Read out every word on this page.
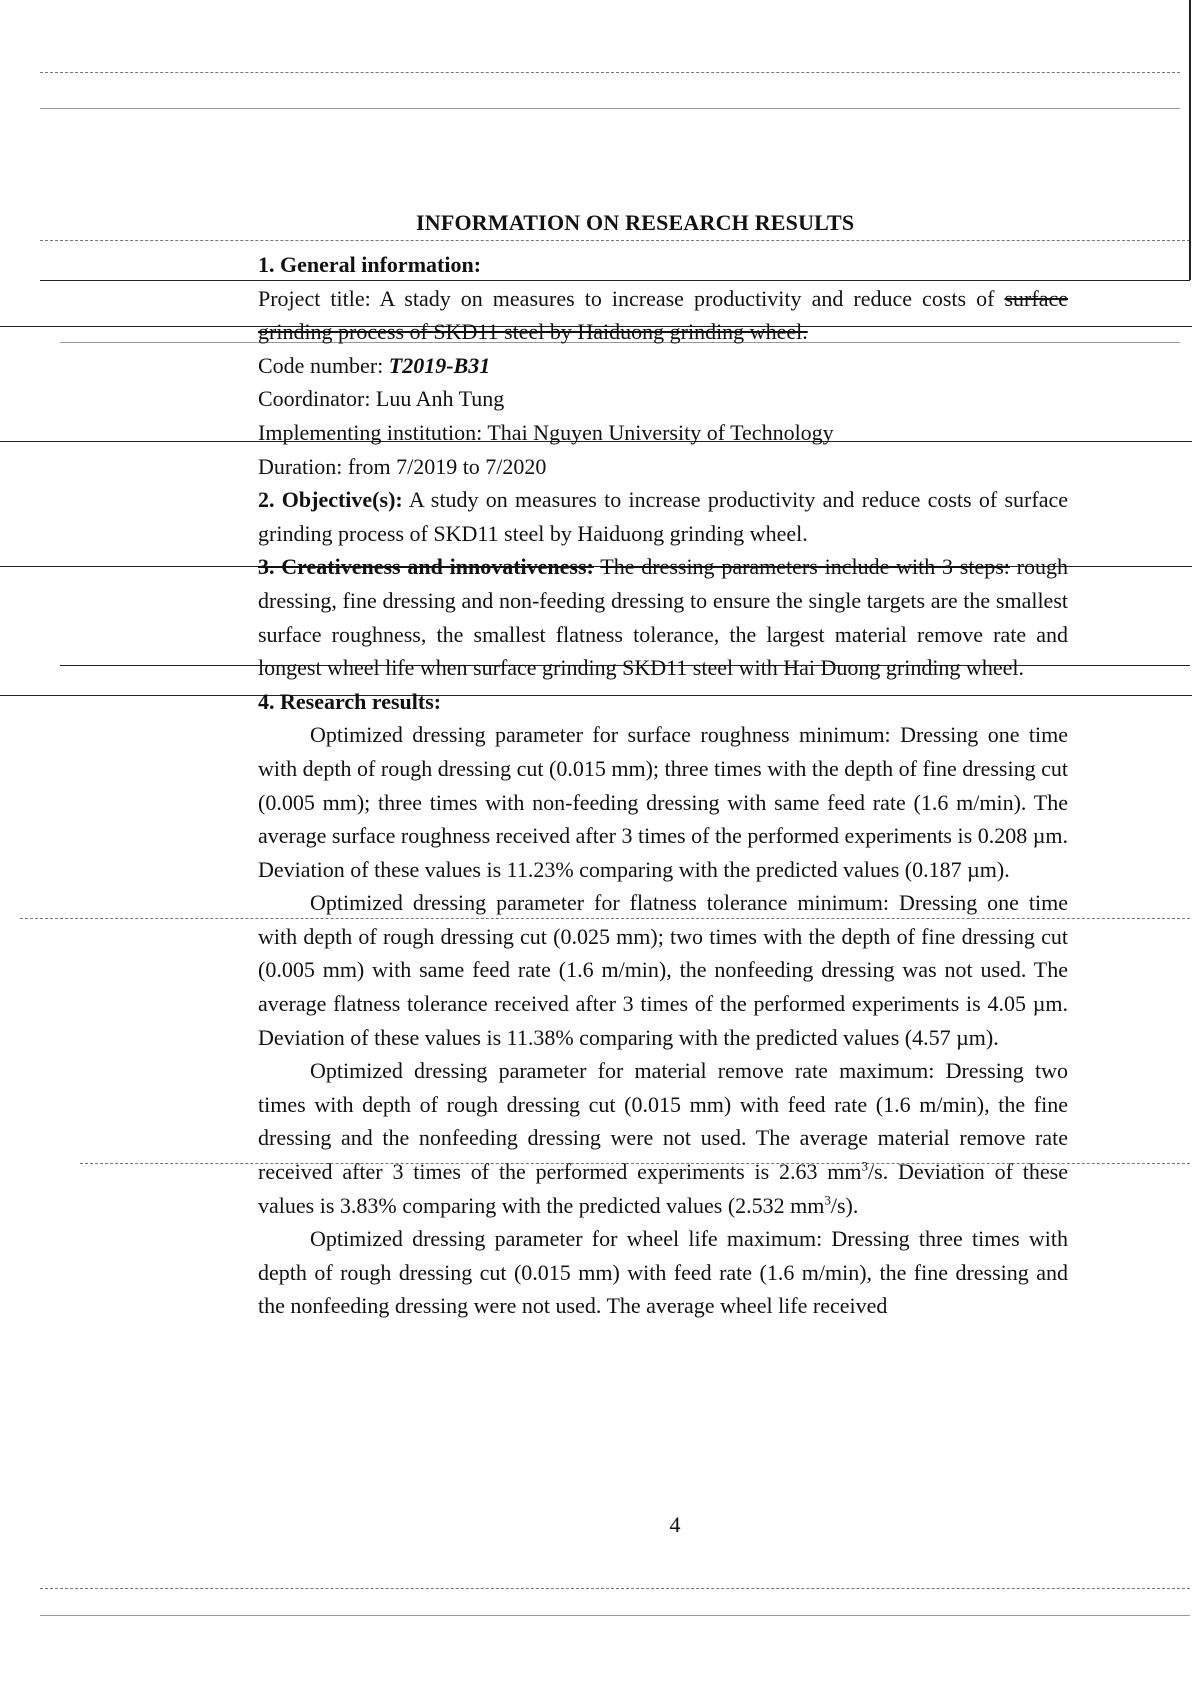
INFORMATION ON RESEARCH RESULTS
1. General information:
Project title: A stady on measures to increase productivity and reduce costs of surface grinding process of SKD11 steel by Haiduong grinding wheel.
Code number: T2019-B31
Coordinator: Luu Anh Tung
Implementing institution: Thai Nguyen University of Technology
Duration: from 7/2019 to 7/2020
2. Objective(s): A study on measures to increase productivity and reduce costs of surface grinding process of SKD11 steel by Haiduong grinding wheel.
3. Creativeness and innovativeness: The dressing parameters include with 3 steps: rough dressing, fine dressing and non-feeding dressing to ensure the single targets are the smallest surface roughness, the smallest flatness tolerance, the largest material remove rate and longest wheel life when surface grinding SKD11 steel with Hai Duong grinding wheel.
4. Research results:

Optimized dressing parameter for surface roughness minimum: Dressing one time with depth of rough dressing cut (0.015 mm); three times with the depth of fine dressing cut (0.005 mm); three times with non-feeding dressing with same feed rate (1.6 m/min). The average surface roughness received after 3 times of the performed experiments is 0.208 µm. Deviation of these values is 11.23% comparing with the predicted values (0.187 µm).

Optimized dressing parameter for flatness tolerance minimum: Dressing one time with depth of rough dressing cut (0.025 mm); two times with the depth of fine dressing cut (0.005 mm) with same feed rate (1.6 m/min), the nonfeeding dressing was not used. The average flatness tolerance received after 3 times of the performed experiments is 4.05 µm. Deviation of these values is 11.38% comparing with the predicted values (4.57 µm).

Optimized dressing parameter for material remove rate maximum: Dressing two times with depth of rough dressing cut (0.015 mm) with feed rate (1.6 m/min), the fine dressing and the nonfeeding dressing were not used. The average material remove rate received after 3 times of the performed experiments is 2.63 $mm^3/s$. Deviation of these values is 3.83% comparing with the predicted values (2.532 $mm^3/s$).

Optimized dressing parameter for wheel life maximum: Dressing three times with depth of rough dressing cut (0.015 mm) with feed rate (1.6 m/min), the fine dressing and the nonfeeding dressing were not used. The average wheel life received

4
